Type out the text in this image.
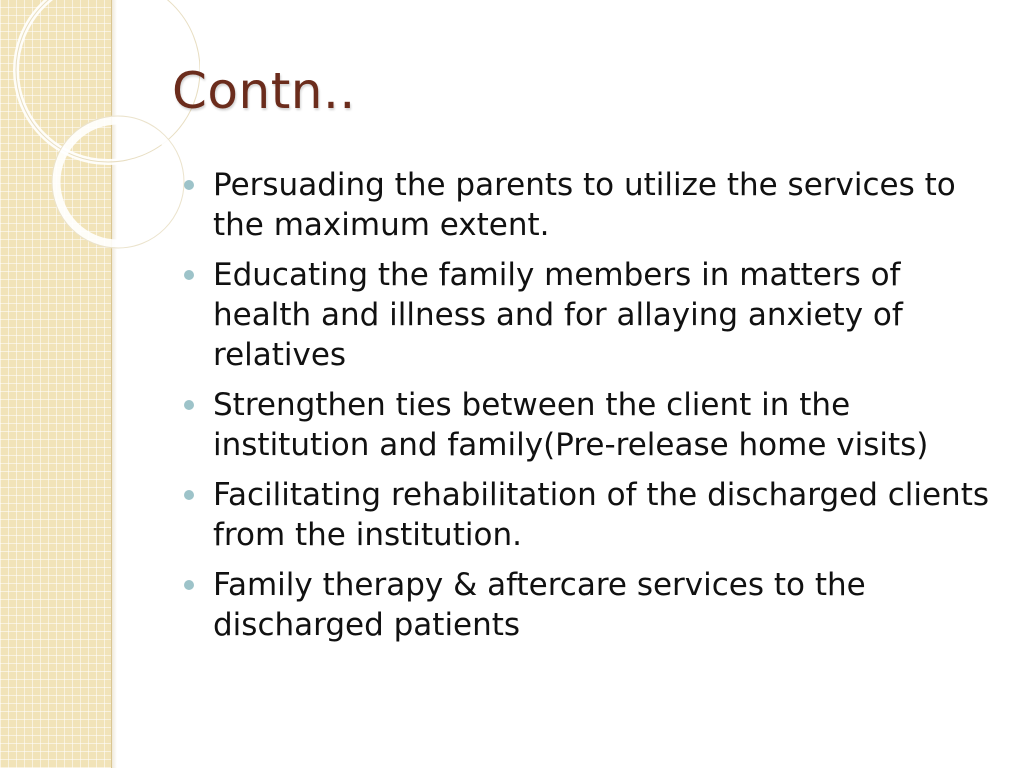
Contn..
Persuading the parents to utilize the services to the maximum extent.
Educating the family members in matters of health and illness and for allaying anxiety of relatives
Strengthen ties between the client in the institution and family(Pre-release home visits)
Facilitating rehabilitation of the discharged clients from the institution.
Family therapy & aftercare services to the discharged patients
